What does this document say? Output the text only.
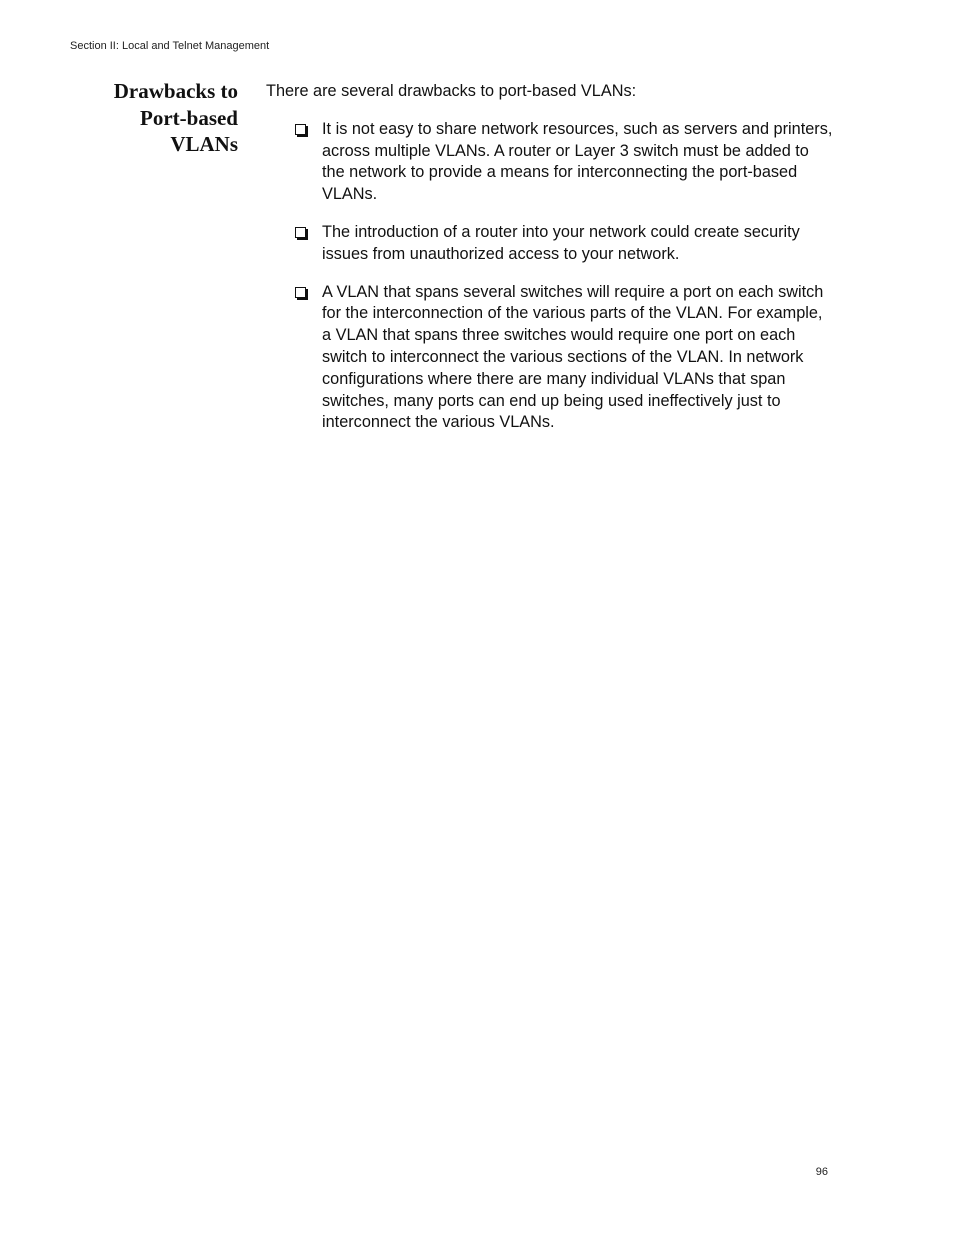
Section II: Local and Telnet Management
Drawbacks to
Port-based
VLANs

There are several drawbacks to port-based VLANs:

It is not easy to share network resources, such as servers and printers, across multiple VLANs. A router or Layer 3 switch must be added to the network to provide a means for interconnecting the port-based VLANs.
The introduction of a router into your network could create security issues from unauthorized access to your network.
A VLAN that spans several switches will require a port on each switch for the interconnection of the various parts of the VLAN. For example, a VLAN that spans three switches would require one port on each switch to interconnect the various sections of the VLAN. In network configurations where there are many individual VLANs that span switches, many ports can end up being used ineffectively just to interconnect the various VLANs.
96
